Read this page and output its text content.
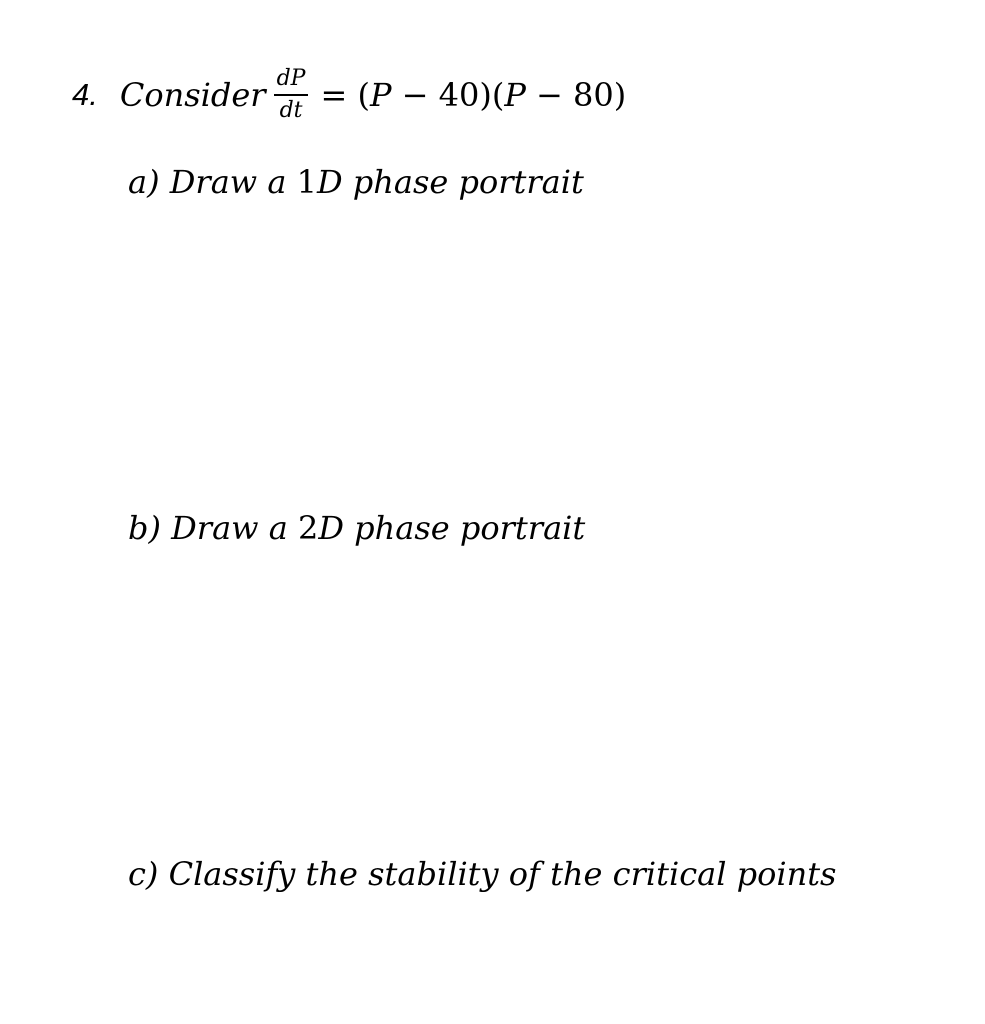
4. Consider $\frac{dP}{dt} = (P - 40)(P - 80)$
a) Draw a 1D phase portrait
b) Draw a 2D phase portrait
c) Classify the stability of the critical points
